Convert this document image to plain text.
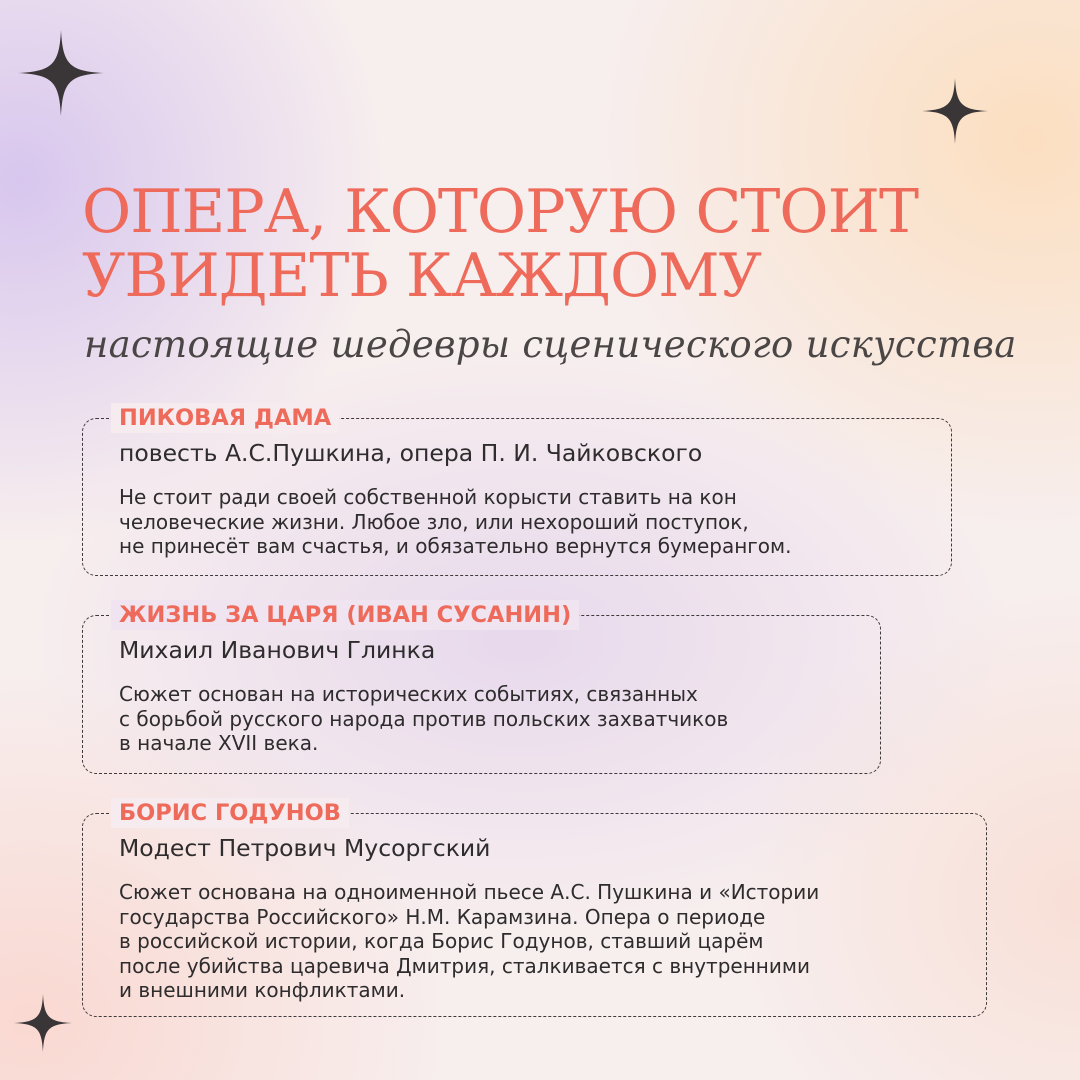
ОПЕРА, КОТОРУЮ СТОИТ
УВИДЕТЬ КАЖДОМУ
настоящие шедевры сценического искусства
ПИКОВАЯ ДАМА
повесть А.С.Пушкина, опера П. И. Чайковского

Не стоит ради своей собственной корысти ставить на кон
человеческие жизни. Любое зло, или нехороший поступок,
не принесёт вам счастья, и обязательно вернутся бумерангом.

ЖИЗНЬ ЗА ЦАРЯ (ИВАН СУСАНИН)
Михаил Иванович Глинка

Сюжет основан на исторических событиях, связанных
с борьбой русского народа против польских захватчиков
в начале XVII века.

БОРИС ГОДУНОВ
Модест Петрович Мусоргский

Сюжет основана на одноименной пьесе А.С. Пушкина и «Истории
государства Российского» Н.М. Карамзина. Опера о периоде
в российской истории, когда Борис Годунов, ставший царём
после убийства царевича Дмитрия, сталкивается с внутренними
и внешними конфликтами.
